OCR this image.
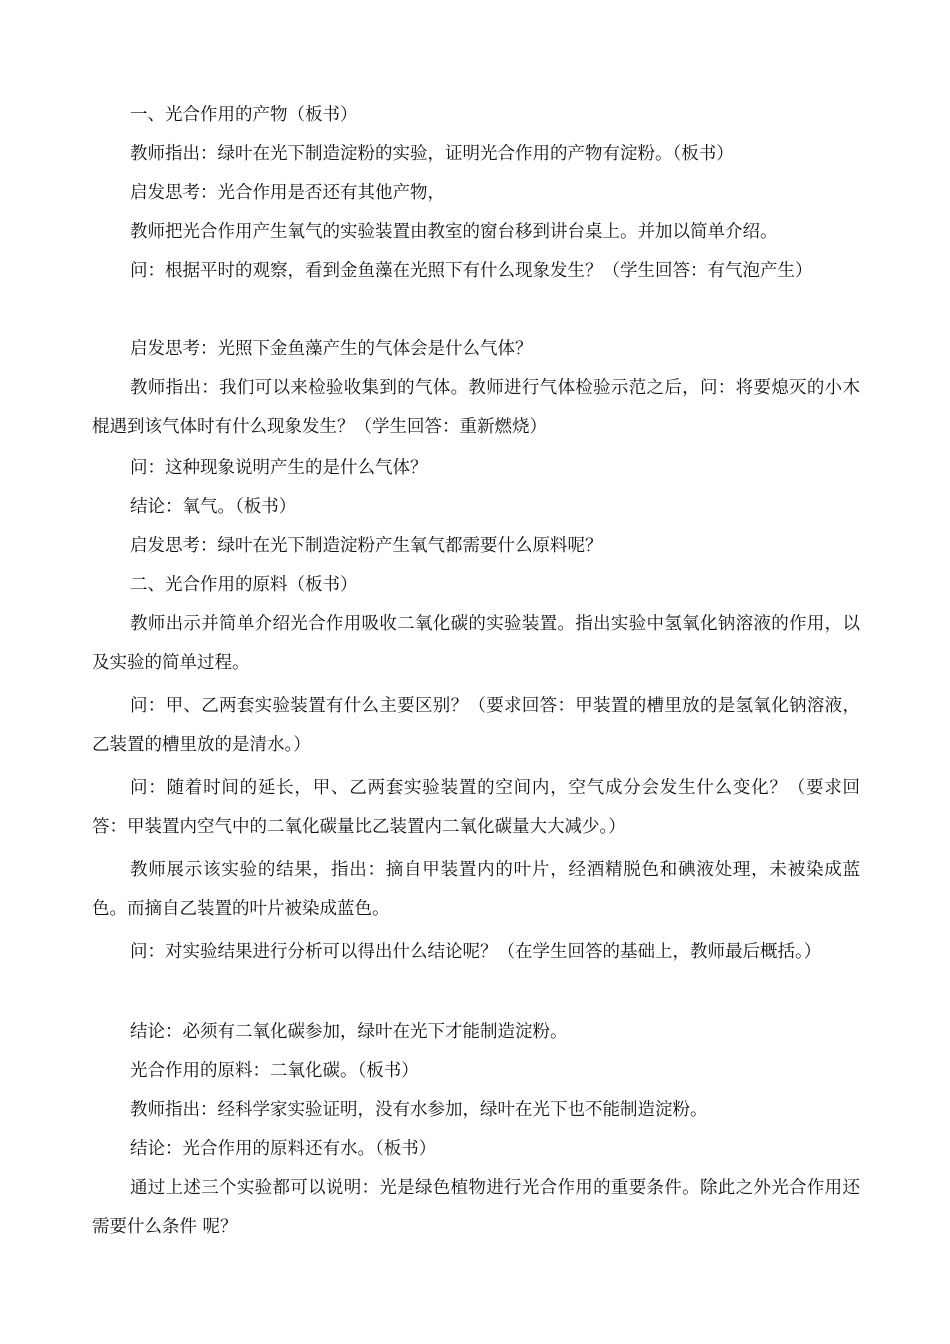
一、光合作用的产物（板书）

教师指出：绿叶在光下制造淀粉的实验，证明光合作用的产物有淀粉。（板书）

启发思考：光合作用是否还有其他产物，

教师把光合作用产生氧气的实验装置由教室的窗台移到讲台桌上。并加以简单介绍。

问：根据平时的观察，看到金鱼藻在光照下有什么现象发生？（学生回答：有气泡产生）

启发思考：光照下金鱼藻产生的气体会是什么气体？

教师指出：我们可以来检验收集到的气体。教师进行气体检验示范之后，问：将要熄灭的小木棍遇到该气体时有什么现象发生？（学生回答：重新燃烧）

问：这种现象说明产生的是什么气体？

结论：氧气。（板书）

启发思考：绿叶在光下制造淀粉产生氧气都需要什么原料呢？

二、光合作用的原料（板书）

教师出示并简单介绍光合作用吸收二氧化碳的实验装置。指出实验中氢氧化钠溶液的作用，以及实验的简单过程。

问：甲、乙两套实验装置有什么主要区别？（要求回答：甲装置的槽里放的是氢氧化钠溶液，乙装置的槽里放的是清水。）

问：随着时间的延长，甲、乙两套实验装置的空间内，空气成分会发生什么变化？（要求回答：甲装置内空气中的二氧化碳量比乙装置内二氧化碳量大大减少。）

教师展示该实验的结果，指出：摘自甲装置内的叶片，经酒精脱色和碘液处理，未被染成蓝色。而摘自乙装置的叶片被染成蓝色。

问：对实验结果进行分析可以得出什么结论呢？（在学生回答的基础上，教师最后概括。）

结论：必须有二氧化碳参加，绿叶在光下才能制造淀粉。

光合作用的原料：二氧化碳。（板书）

教师指出：经科学家实验证明，没有水参加，绿叶在光下也不能制造淀粉。

结论：光合作用的原料还有水。（板书）

通过上述三个实验都可以说明：光是绿色植物进行光合作用的重要条件。除此之外光合作用还需要什么条件 呢？
